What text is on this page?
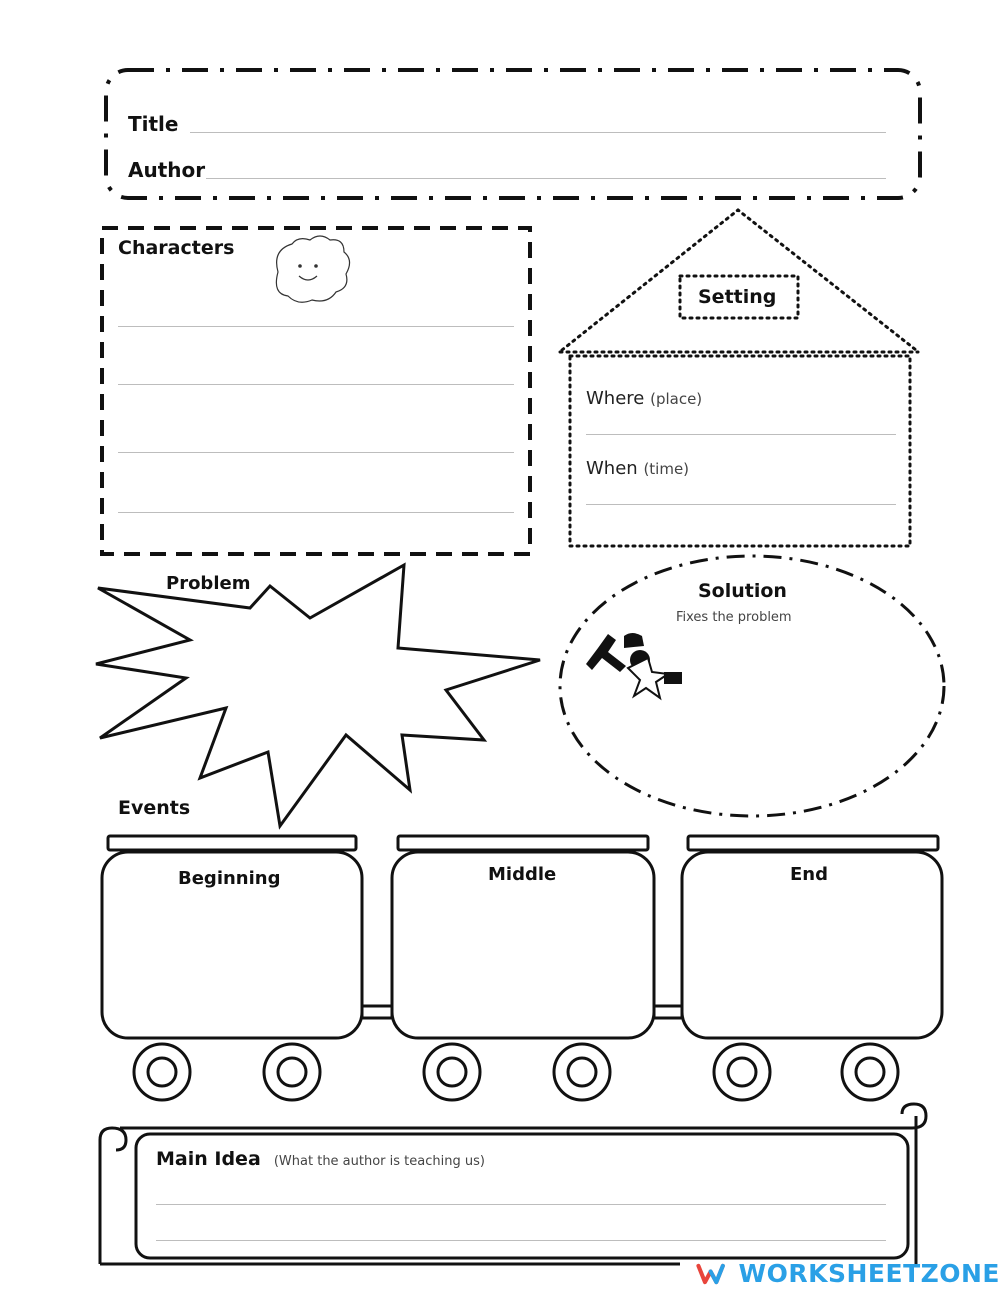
Title
Author
Characters
Setting
Where (place)
When (time)
Problem	Solution
Fixes the problem
Events
Beginning	Middle	End
Main Idea (What the author is teaching us)
WORKSHEETZONE
